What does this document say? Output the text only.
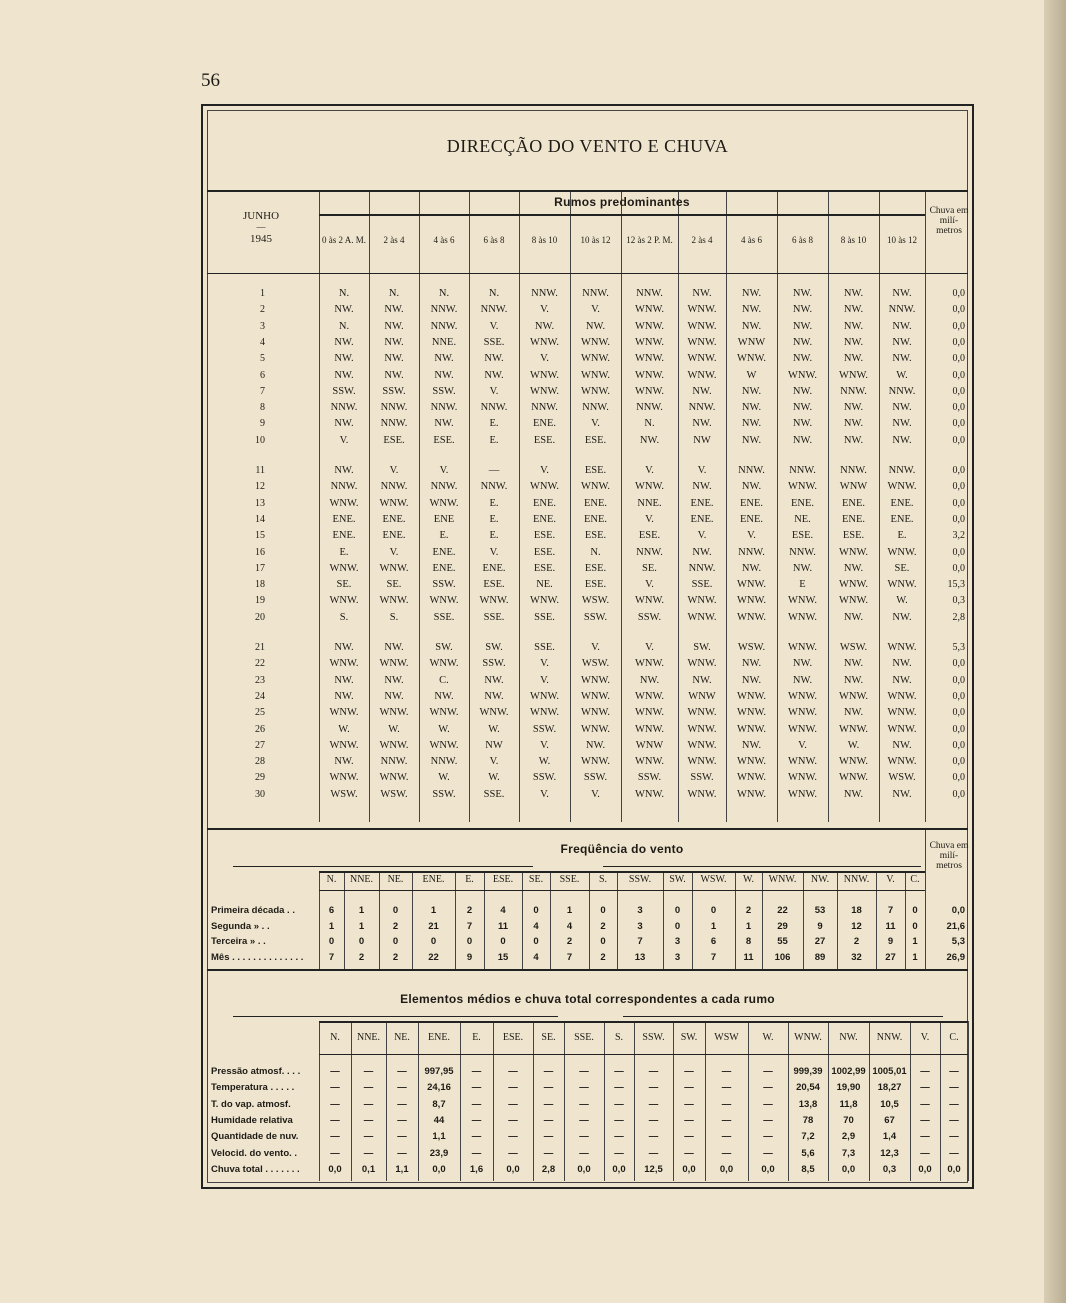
56
DIRECÇÃO DO VENTO E CHUVA
JUNHO
—
1945
Rumos predominantes
Chuva em milí-metros
0 às 2 A. M.	2 às 4	4 às 6	6 às 8	8 às 10	10 às 12	12 às 2 P. M.	2 às 4	4 às 6	6 às 8	8 às 10	10 às 12
1	N.	N.	N.	N.	NNW.	NNW.	NNW.	NW.	NW.	NW.	NW.	NW.	0,0
2	NW.	NW.	NNW.	NNW.	V.	V.	WNW.	WNW.	NW.	NW.	NW.	NNW.	0,0
3	N.	NW.	NNW.	V.	NW.	NW.	WNW.	WNW.	NW.	NW.	NW.	NW.	0,0
4	NW.	NW.	NNE.	SSE.	WNW.	WNW.	WNW.	WNW.	WNW	NW.	NW.	NW.	0,0
5	NW.	NW.	NW.	NW.	V.	WNW.	WNW.	WNW.	WNW.	NW.	NW.	NW.	0,0
6	NW.	NW.	NW.	NW.	WNW.	WNW.	WNW.	WNW.	W	WNW.	WNW.	W.	0,0
7	SSW.	SSW.	SSW.	V.	WNW.	WNW.	WNW.	NW.	NW.	NW.	NNW.	NNW.	0,0
8	NNW.	NNW.	NNW.	NNW.	NNW.	NNW.	NNW.	NNW.	NW.	NW.	NW.	NW.	0,0
9	NW.	NNW.	NW.	E.	ENE.	V.	N.	NW.	NW.	NW.	NW.	NW.	0,0
10	V.	ESE.	ESE.	E.	ESE.	ESE.	NW.	NW	NW.	NW.	NW.	NW.	0,0
11	NW.	V.	V.	—	V.	ESE.	V.	V.	NNW.	NNW.	NNW.	NNW.	0,0
12	NNW.	NNW.	NNW.	NNW.	WNW.	WNW.	WNW.	NW.	NW.	WNW.	WNW	WNW.	0,0
13	WNW.	WNW.	WNW.	E.	ENE.	ENE.	NNE.	ENE.	ENE.	ENE.	ENE.	ENE.	0,0
14	ENE.	ENE.	ENE	E.	ENE.	ENE.	V.	ENE.	ENE.	NE.	ENE.	ENE.	0,0
15	ENE.	ENE.	E.	E.	ESE.	ESE.	ESE.	V.	V.	ESE.	ESE.	E.	3,2
16	E.	V.	ENE.	V.	ESE.	N.	NNW.	NW.	NNW.	NNW.	WNW.	WNW.	0,0
17	WNW.	WNW.	ENE.	ENE.	ESE.	ESE.	SE.	NNW.	NW.	NW.	NW.	SE.	0,0
18	SE.	SE.	SSW.	ESE.	NE.	ESE.	V.	SSE.	WNW.	E	WNW.	WNW.	15,3
19	WNW.	WNW.	WNW.	WNW.	WNW.	WSW.	WNW.	WNW.	WNW.	WNW.	WNW.	W.	0,3
20	S.	S.	SSE.	SSE.	SSE.	SSW.	SSW.	WNW.	WNW.	WNW.	NW.	NW.	2,8
21	NW.	NW.	SW.	SW.	SSE.	V.	V.	SW.	WSW.	WNW.	WSW.	WNW.	5,3
22	WNW.	WNW.	WNW.	SSW.	V.	WSW.	WNW.	WNW.	NW.	NW.	NW.	NW.	0,0
23	NW.	NW.	C.	NW.	V.	WNW.	NW.	NW.	NW.	NW.	NW.	NW.	0,0
24	NW.	NW.	NW.	NW.	WNW.	WNW.	WNW.	WNW	WNW.	WNW.	WNW.	WNW.	0,0
25	WNW.	WNW.	WNW.	WNW.	WNW.	WNW.	WNW.	WNW.	WNW.	WNW.	NW.	WNW.	0,0
26	W.	W.	W.	W.	SSW.	WNW.	WNW.	WNW.	WNW.	WNW.	WNW.	WNW.	0,0
27	WNW.	WNW.	WNW.	NW	V.	NW.	WNW	WNW.	NW.	V.	W.	NW.	0,0
28	NW.	NNW.	NNW.	V.	W.	WNW.	WNW.	WNW.	WNW.	WNW.	WNW.	WNW.	0,0
29	WNW.	WNW.	W.	W.	SSW.	SSW.	SSW.	SSW.	WNW.	WNW.	WNW.	WSW.	0,0
30	WSW.	WSW.	SSW.	SSE.	V.	V.	WNW.	WNW.	WNW.	WNW.	NW.	NW.	0,0
Freqüência do vento	Chuva em milí-metros
N.	NNE.	NE.	ENE.	E.	ESE.	SE.	SSE.	S.	SSW.	SW.	WSW.	W.	WNW.	NW.	NNW.	V.	C.
Primeira década . .	6	1	0	1	2	4	0	1	0	3	0	0	2	22	53	18	7	0	0,0
Segunda » . .	1	1	2	21	7	11	4	4	2	3	0	1	1	29	9	12	11	0	21,6
Terceira » . .	0	0	0	0	0	0	0	2	0	7	3	6	8	55	27	2	9	1	5,3
Mês . . . . . . . . . . . . . .	7	2	2	22	9	15	4	7	2	13	3	7	11	106	89	32	27	1	26,9
Elementos médios e chuva total correspondentes a cada rumo
N.	NNE.	NE.	ENE.	E.	ESE.	SE.	SSE.	S.	SSW.	SW.	WSW	W.	WNW.	NW.	NNW.	V.	C.
Pressão atmosf. . . .	—	—	—	997,95	—	—	—	—	—	—	—	—	—	999,39 1002,99 1005,01	—	—
Temperatura . . . . .	—	—	—	24,16	—	—	—	—	—	—	—	—	—	20,54	19,90	18,27	—	—
T. do vap. atmosf.	—	—	—	8,7	—	—	—	—	—	—	—	—	—	13,8	11,8	10,5	—	—
Humidade relativa	—	—	—	44	—	—	—	—	—	—	—	—	—	78	70	67	—	—
Quantidade de nuv.	—	—	—	1,1	—	—	—	—	—	—	—	—	—	7,2	2,9	1,4	—	—
Velocid. do vento. .	—	—	—	23,9	—	—	—	—	—	—	—	—	—	5,6	7,3	12,3	—	—
Chuva total . . . . . . .	0,0	0,1	1,1	0,0	1,6	0,0	2,8	0,0	0,0	12,5	0,0	0,0	0,0	8,5	0,0	0,3	0,0	0,0
